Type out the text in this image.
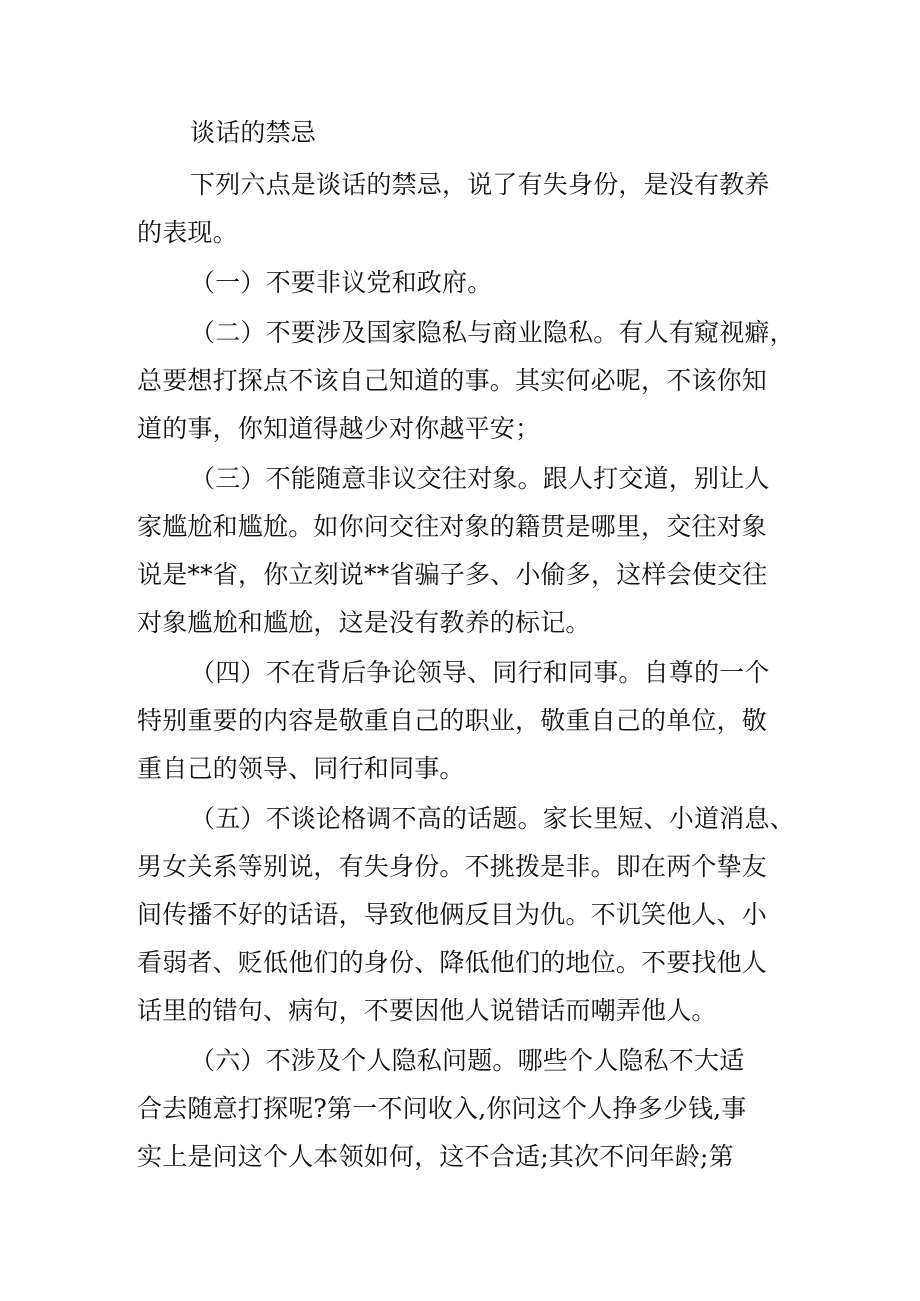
谈话的禁忌
下列六点是谈话的禁忌，说了有失身份，是没有教养
的表现。
（一）不要非议党和政府。
（二）不要涉及国家隐私与商业隐私。有人有窥视癖，
总要想打探点不该自己知道的事。其实何必呢，不该你知
道的事，你知道得越少对你越平安；
（三）不能随意非议交往对象。跟人打交道，别让人
家尴尬和尴尬。如你问交往对象的籍贯是哪里，交往对象
说是**省，你立刻说**省骗子多、小偷多，这样会使交往
对象尴尬和尴尬，这是没有教养的标记。
（四）不在背后争论领导、同行和同事。自尊的一个
特别重要的内容是敬重自己的职业，敬重自己的单位，敬
重自己的领导、同行和同事。
（五）不谈论格调不高的话题。家长里短、小道消息、
男女关系等别说，有失身份。不挑拨是非。即在两个挚友
间传播不好的话语，导致他俩反目为仇。不讥笑他人、小
看弱者、贬低他们的身份、降低他们的地位。不要找他人
话里的错句、病句，不要因他人说错话而嘲弄他人。
（六）不涉及个人隐私问题。哪些个人隐私不大适
合去随意打探呢?第一不问收入,你问这个人挣多少钱,事
实上是问这个人本领如何，这不合适;其次不问年龄;第
